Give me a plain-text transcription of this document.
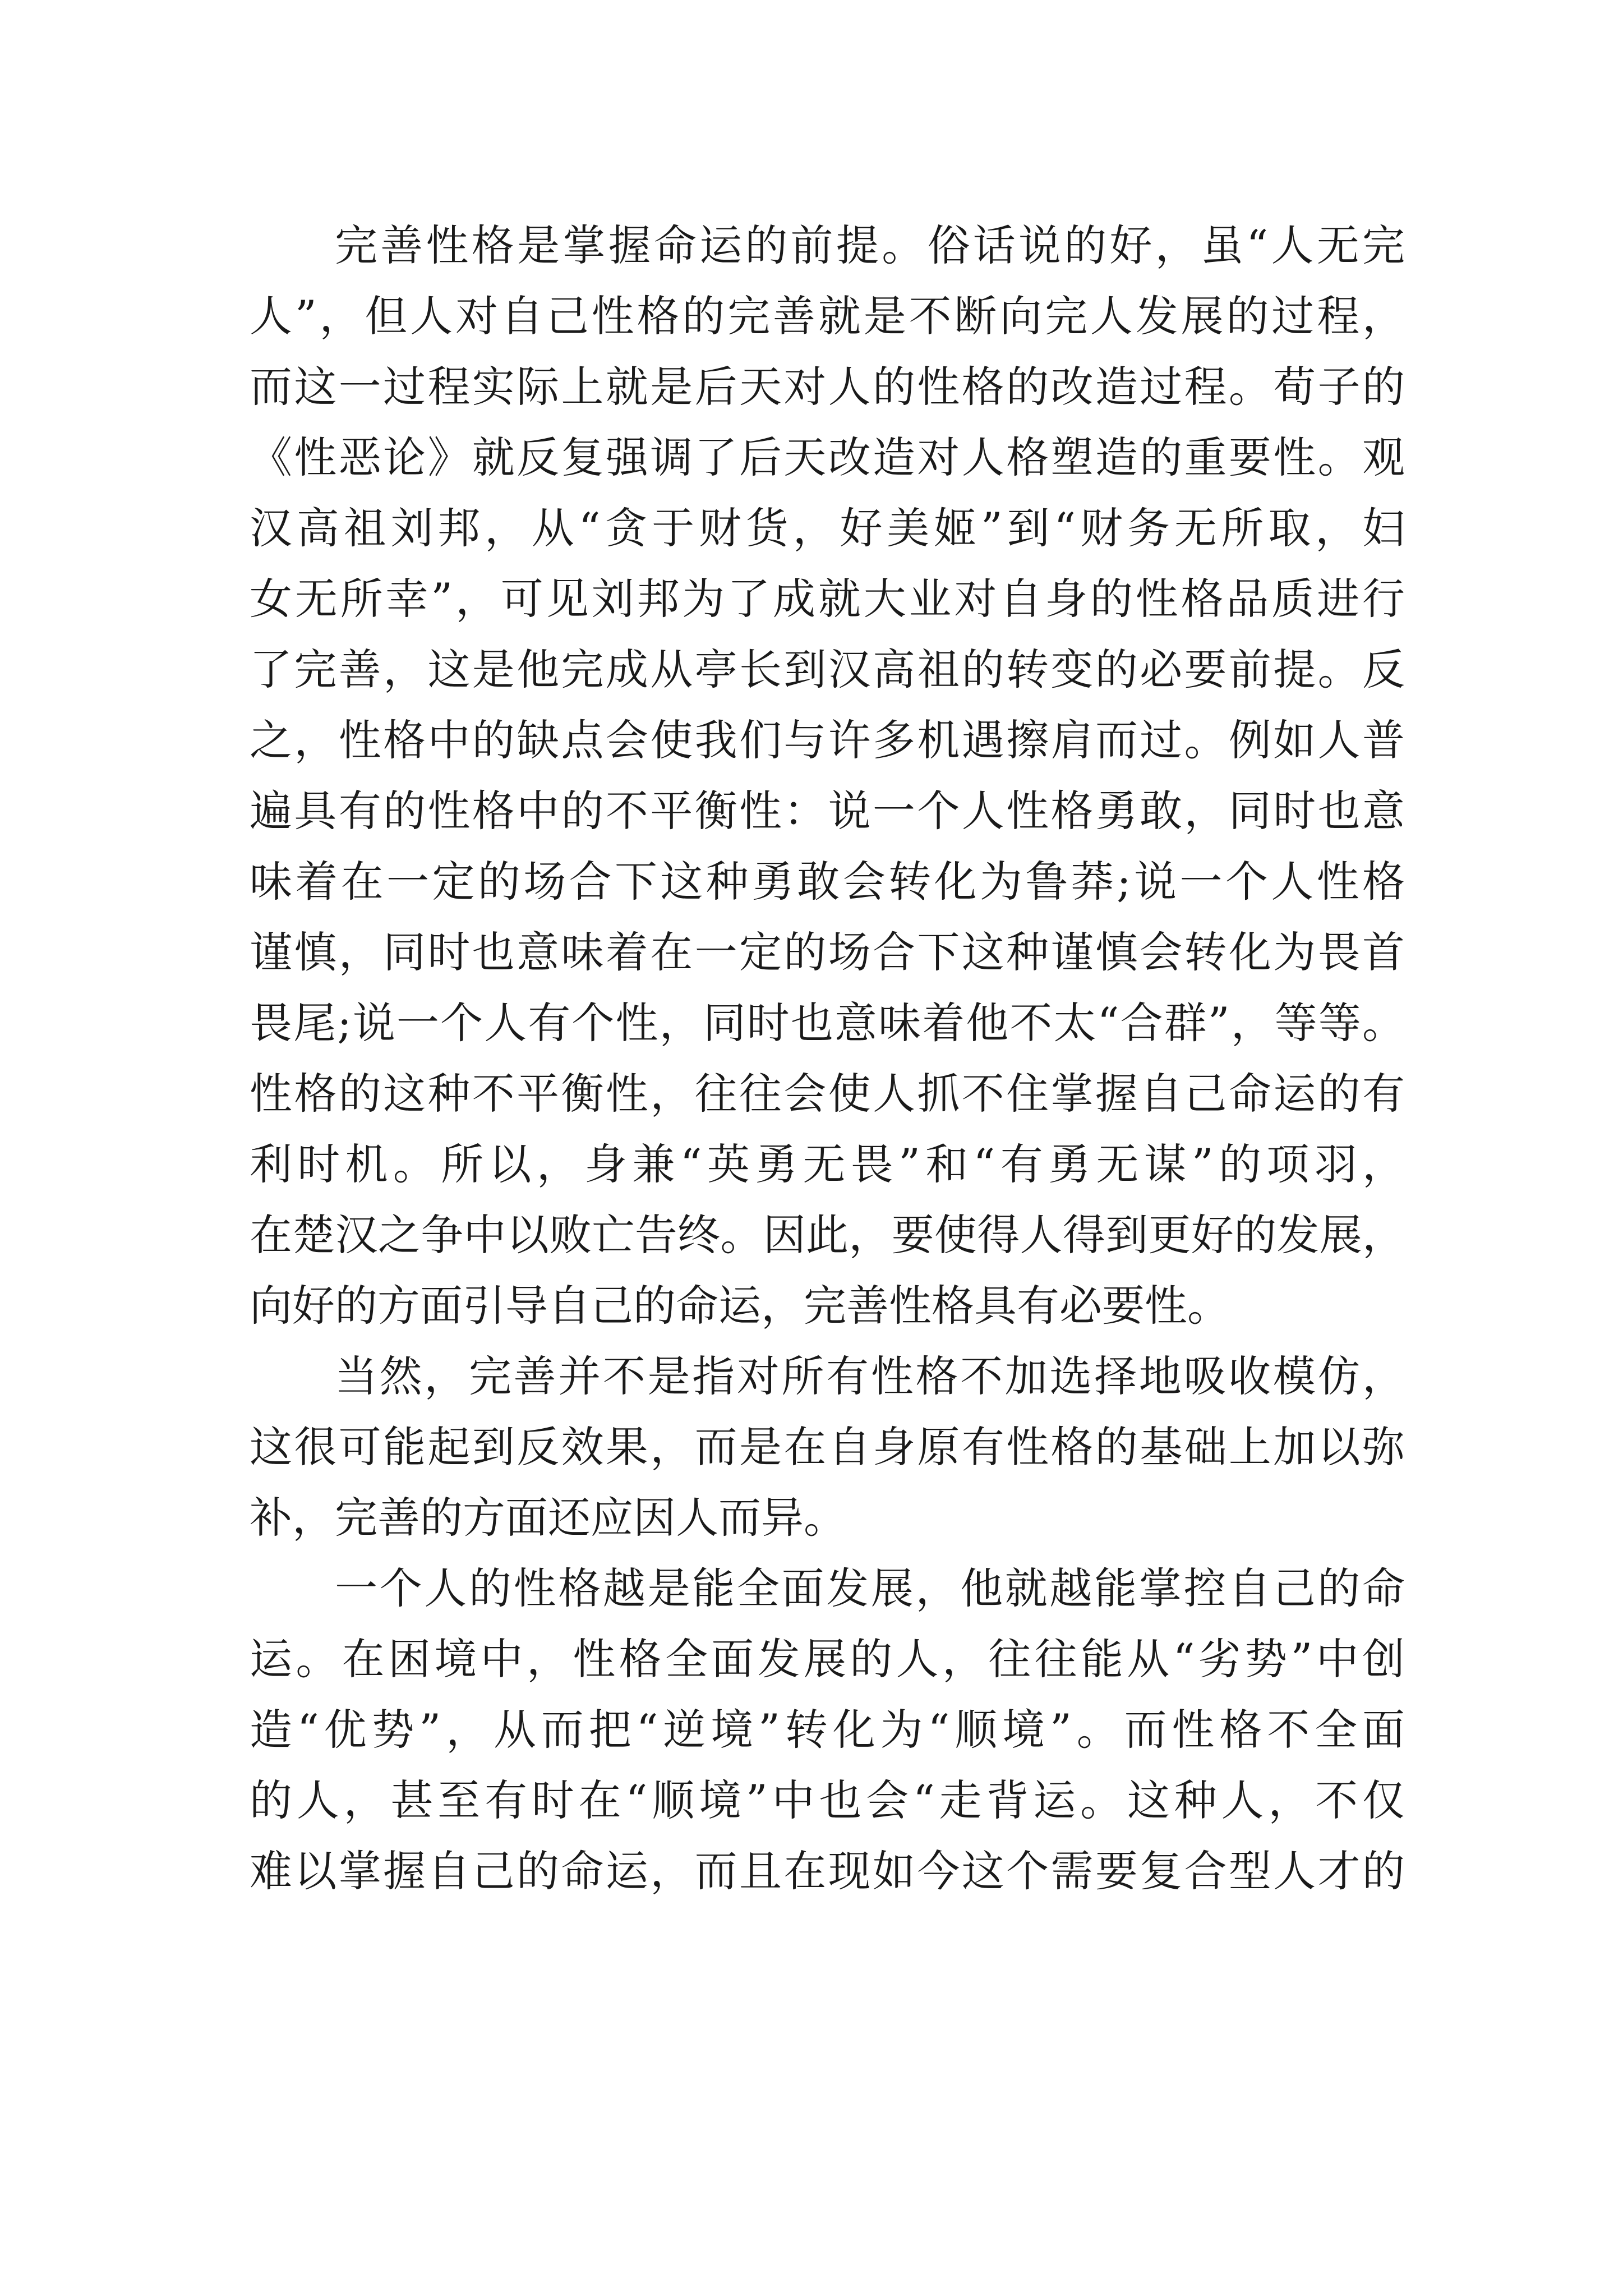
完善性格是掌握命运的前提。俗话说的好，虽“人无完
人”，但人对自己性格的完善就是不断向完人发展的过程，
而这一过程实际上就是后天对人的性格的改造过程。荀子的
《性恶论》就反复强调了后天改造对人格塑造的重要性。观
汉高祖刘邦，从“贪于财货，好美姬”到“财务无所取，妇
女无所幸”，可见刘邦为了成就大业对自身的性格品质进行
了完善，这是他完成从亭长到汉高祖的转变的必要前提。反
之，性格中的缺点会使我们与许多机遇擦肩而过。例如人普
遍具有的性格中的不平衡性：说一个人性格勇敢，同时也意
味着在一定的场合下这种勇敢会转化为鲁莽;说一个人性格
谨慎，同时也意味着在一定的场合下这种谨慎会转化为畏首
畏尾;说一个人有个性，同时也意味着他不太“合群”，等等。
性格的这种不平衡性，往往会使人抓不住掌握自己命运的有
利时机。所以，身兼“英勇无畏”和“有勇无谋”的项羽，
在楚汉之争中以败亡告终。因此，要使得人得到更好的发展，
向好的方面引导自己的命运，完善性格具有必要性。
当然，完善并不是指对所有性格不加选择地吸收模仿，
这很可能起到反效果，而是在自身原有性格的基础上加以弥
补，完善的方面还应因人而异。
一个人的性格越是能全面发展，他就越能掌控自己的命
运。在困境中，性格全面发展的人，往往能从“劣势”中创
造“优势”，从而把“逆境”转化为“顺境”。而性格不全面
的人，甚至有时在“顺境”中也会“走背运。这种人，不仅
难以掌握自己的命运，而且在现如今这个需要复合型人才的
